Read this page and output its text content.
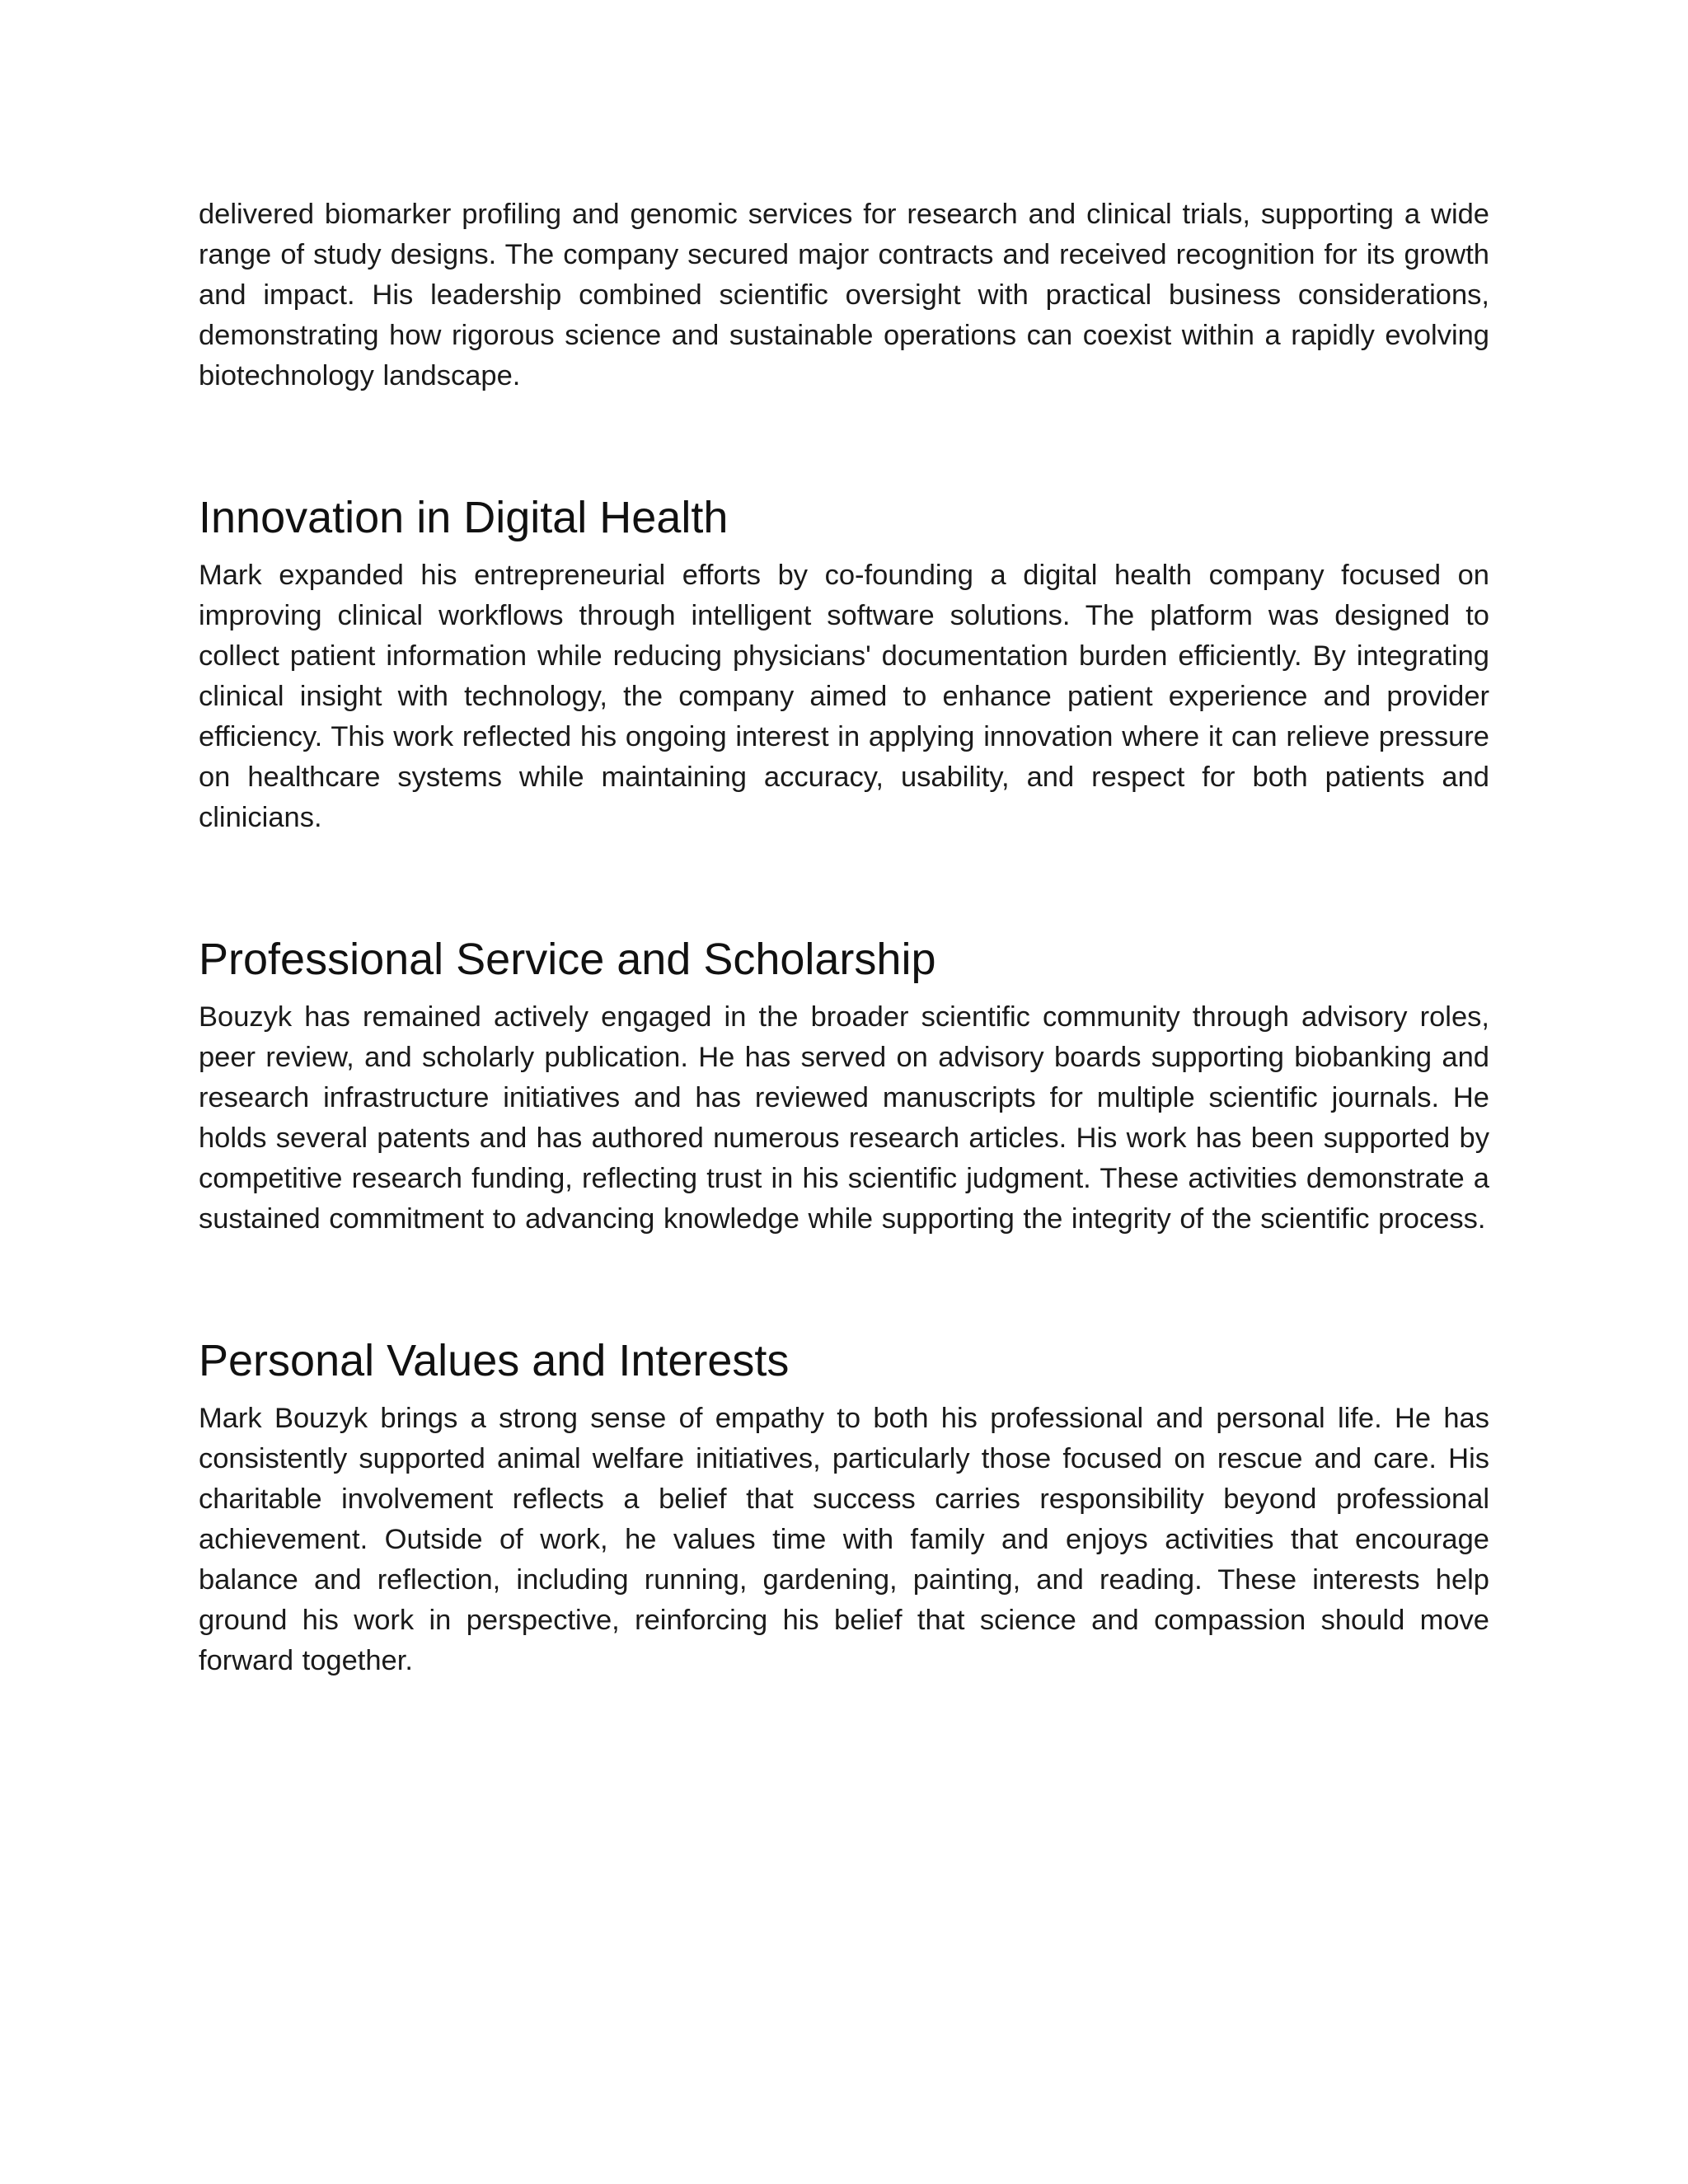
delivered biomarker profiling and genomic services for research and clinical trials, supporting a wide range of study designs. The company secured major contracts and received recognition for its growth and impact. His leadership combined scientific oversight with practical business considerations, demonstrating how rigorous science and sustainable operations can coexist within a rapidly evolving biotechnology landscape.

Innovation in Digital Health

Mark expanded his entrepreneurial efforts by co-founding a digital health company focused on improving clinical workflows through intelligent software solutions. The platform was designed to collect patient information while reducing physicians' documentation burden efficiently. By integrating clinical insight with technology, the company aimed to enhance patient experience and provider efficiency. This work reflected his ongoing interest in applying innovation where it can relieve pressure on healthcare systems while maintaining accuracy, usability, and respect for both patients and clinicians.

Professional Service and Scholarship

Bouzyk has remained actively engaged in the broader scientific community through advisory roles, peer review, and scholarly publication. He has served on advisory boards supporting biobanking and research infrastructure initiatives and has reviewed manuscripts for multiple scientific journals. He holds several patents and has authored numerous research articles. His work has been supported by competitive research funding, reflecting trust in his scientific judgment. These activities demonstrate a sustained commitment to advancing knowledge while supporting the integrity of the scientific process.

Personal Values and Interests

Mark Bouzyk brings a strong sense of empathy to both his professional and personal life. He has consistently supported animal welfare initiatives, particularly those focused on rescue and care. His charitable involvement reflects a belief that success carries responsibility beyond professional achievement. Outside of work, he values time with family and enjoys activities that encourage balance and reflection, including running, gardening, painting, and reading. These interests help ground his work in perspective, reinforcing his belief that science and compassion should move forward together.
